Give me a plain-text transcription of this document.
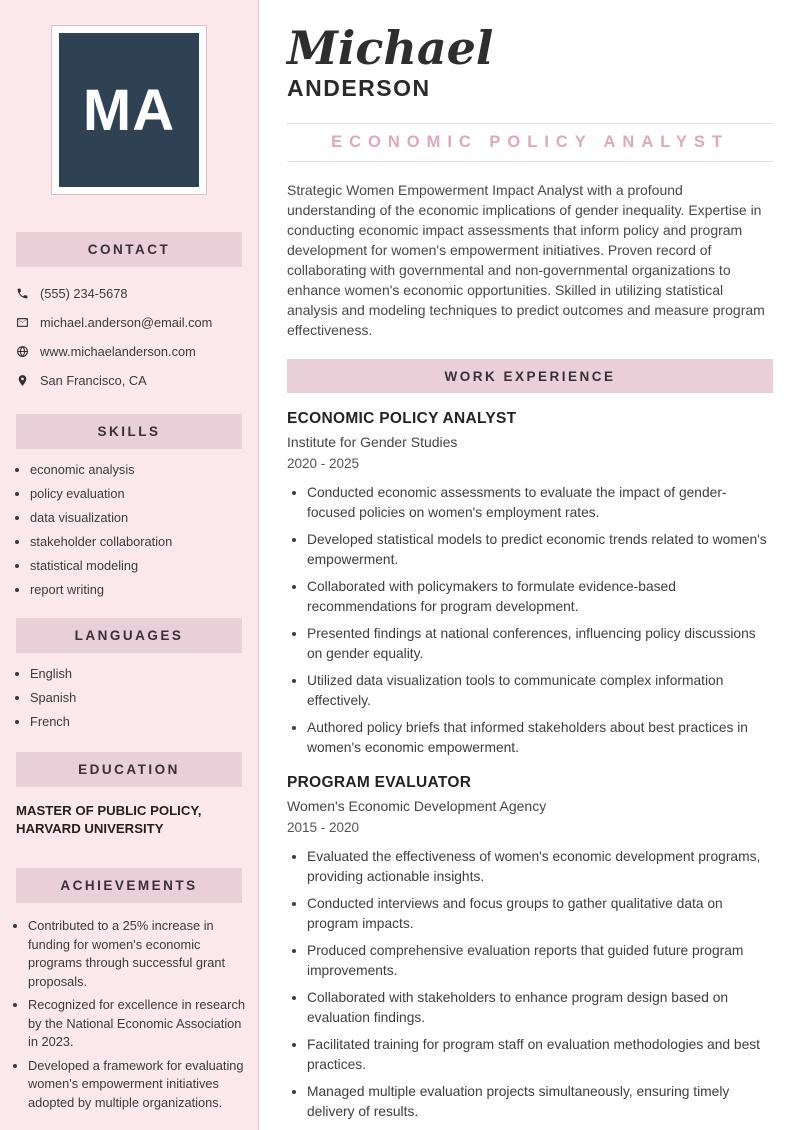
MA
CONTACT
(555) 234-5678
michael.anderson@email.com
www.michaelanderson.com
San Francisco, CA
SKILLS
• economic analysis
• policy evaluation
• data visualization
• stakeholder collaboration
• statistical modeling
• report writing
LANGUAGES
• English
• Spanish
• French
EDUCATION
MASTER OF PUBLIC POLICY, HARVARD UNIVERSITY
ACHIEVEMENTS
• Contributed to a 25% increase in funding for women's economic programs through successful grant proposals.
• Recognized for excellence in research by the National Economic Association in 2023.
• Developed a framework for evaluating women's empowerment initiatives adopted by multiple organizations.
Michael
ANDERSON
ECONOMIC POLICY ANALYST

Strategic Women Empowerment Impact Analyst with a profound understanding of the economic implications of gender inequality. Expertise in conducting economic impact assessments that inform policy and program development for women's empowerment initiatives. Proven record of collaborating with governmental and non-governmental organizations to enhance women's economic opportunities. Skilled in utilizing statistical analysis and modeling techniques to predict outcomes and measure program effectiveness.

WORK EXPERIENCE
ECONOMIC POLICY ANALYST
Institute for Gender Studies
2020 - 2025
• Conducted economic assessments to evaluate the impact of gender-focused policies on women's employment rates.
• Developed statistical models to predict economic trends related to women's empowerment.
• Collaborated with policymakers to formulate evidence-based recommendations for program development.
• Presented findings at national conferences, influencing policy discussions on gender equality.
• Utilized data visualization tools to communicate complex information effectively.
• Authored policy briefs that informed stakeholders about best practices in women's economic empowerment.
PROGRAM EVALUATOR
Women's Economic Development Agency
2015 - 2020
• Evaluated the effectiveness of women's economic development programs, providing actionable insights.
• Conducted interviews and focus groups to gather qualitative data on program impacts.
• Produced comprehensive evaluation reports that guided future program improvements.
• Collaborated with stakeholders to enhance program design based on evaluation findings.
• Facilitated training for program staff on evaluation methodologies and best practices.
• Managed multiple evaluation projects simultaneously, ensuring timely delivery of results.
